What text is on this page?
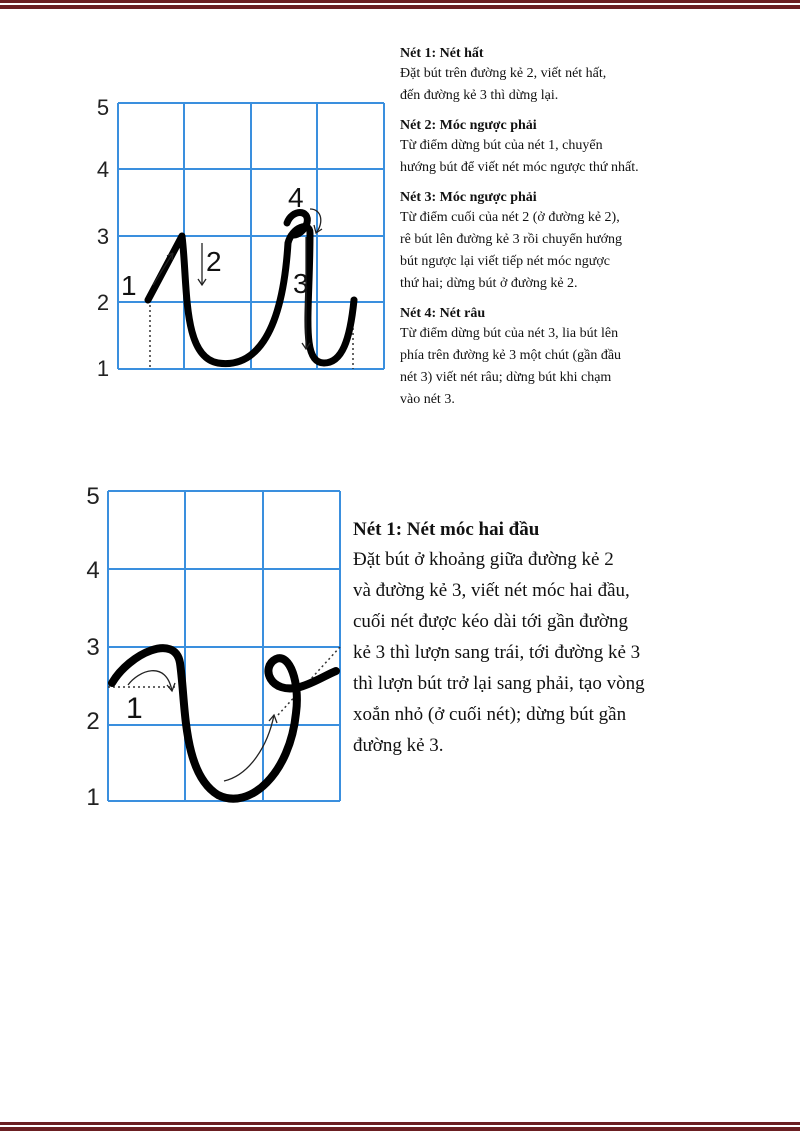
5
4
3
2
1
1
2
3
4
Nét 1: Nét hất
Đặt bút trên đường kẻ 2, viết nét hất,
đến đường kẻ 3 thì dừng lại.
Nét 2: Móc ngược phải
Từ điểm dừng bút của nét 1, chuyển
hướng bút để viết nét móc ngược thứ nhất.
Nét 3: Móc ngược phải
Từ điểm cuối của nét 2 (ở đường kẻ 2),
rê bút lên đường kẻ 3 rồi chuyển hướng
bút ngược lại viết tiếp nét móc ngược
thứ hai; dừng bút ở đường kẻ 2.
Nét 4: Nét râu
Từ điểm dừng bút của nét 3, lia bút lên
phía trên đường kẻ 3 một chút (gần đầu
nét 3) viết nét râu; dừng bút khi chạm
vào nét 3.
5
4
3
2
1
1
Nét 1: Nét móc hai đầu
Đặt bút ở khoảng giữa đường kẻ 2
và đường kẻ 3, viết nét móc hai đầu,
cuối nét được kéo dài tới gần đường
kẻ 3 thì lượn sang trái, tới đường kẻ 3
thì lượn bút trở lại sang phải, tạo vòng
xoắn nhỏ (ở cuối nét); dừng bút gần
đường kẻ 3.
